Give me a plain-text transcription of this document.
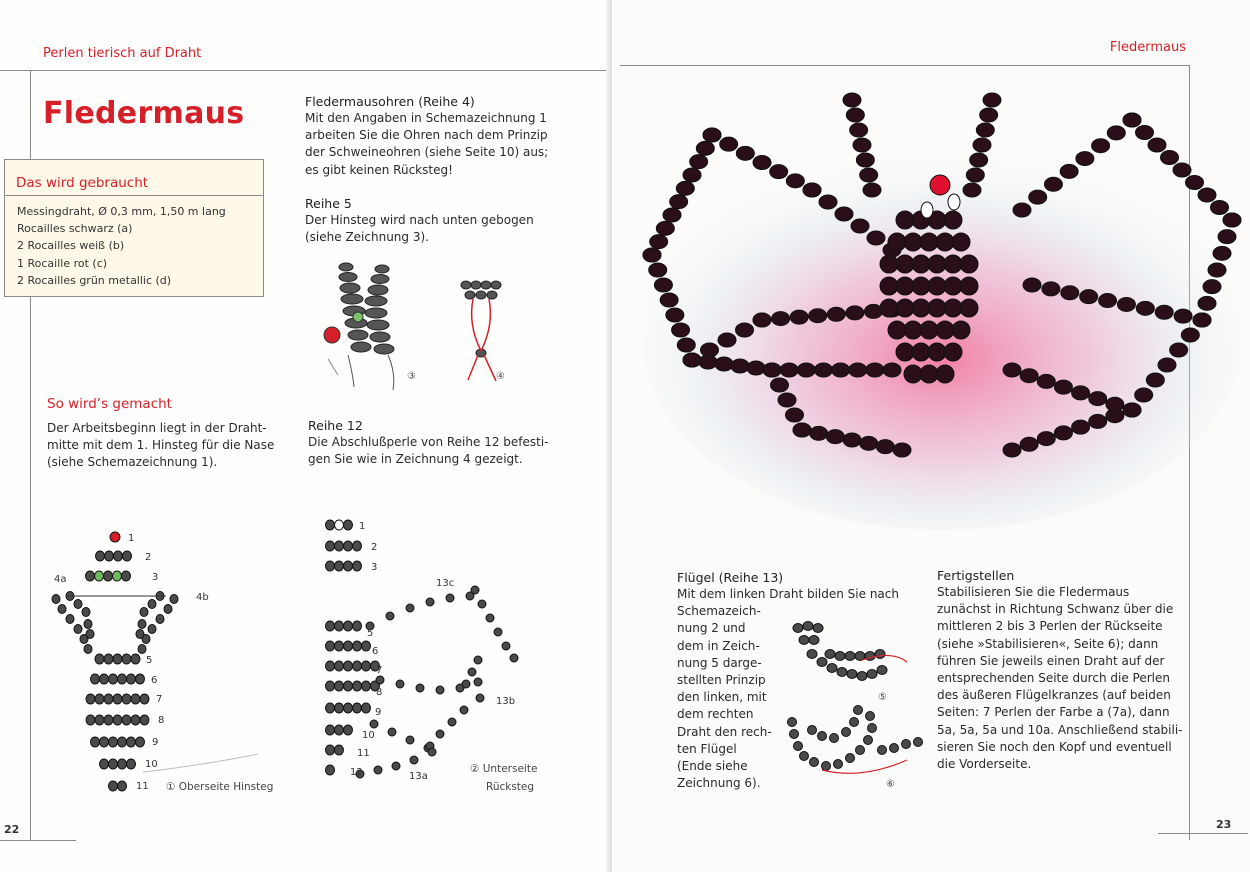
Perlen tierisch auf Draht
Fledermaus
Das wird gebraucht
Messingdraht, Ø 0,3 mm, 1,50 m lang
Rocailles schwarz (a)
2 Rocailles weiß (b)
1 Rocaille rot (c)
2 Rocailles grün metallic (d)
So wird’s gemacht
Der Arbeitsbeginn liegt in der Draht-
mitte mit dem 1. Hinsteg für die Nase
(siehe Schemazeichnung 1).
Fledermausohren (Reihe 4)
Mit den Angaben in Schemazeichnung 1
arbeiten Sie die Ohren nach dem Prinzip
der Schweineohren (siehe Seite 10) aus;
es gibt keinen Rücksteg!
Reihe 5
Der Hinsteg wird nach unten gebogen
(siehe Zeichnung 3).
③	④
Reihe 12
Die Abschlußperle von Reihe 12 befesti-
gen Sie wie in Zeichnung 4 gezeigt.
1
2
3
4a
4b
5
6
7
8
9
10
11 ① Oberseite Hinsteg
1
2
3
5
6
7
8
9
10
11
12	13a
13b
13c
② Unterseite
Rücksteg
22
Fledermaus
Flügel (Reihe 13)
Mit dem linken Draht bilden Sie nach
Schemazeich-
nung 2 und
dem in Zeich-
nung 5 darge-
stellten Prinzip
den linken, mit
dem rechten
Draht den rech-
ten Flügel
(Ende siehe
Zeichnung 6).
⑤
⑥
Fertigstellen
Stabilisieren Sie die Fledermaus
zunächst in Richtung Schwanz über die
mittleren 2 bis 3 Perlen der Rückseite
(siehe »Stabilisieren«, Seite 6); dann
führen Sie jeweils einen Draht auf der
entsprechenden Seite durch die Perlen
des äußeren Flügelkranzes (auf beiden
Seiten: 7 Perlen der Farbe a (7a), dann
5a, 5a, 5a und 10a. Anschließend stabili-
sieren Sie noch den Kopf und eventuell
die Vorderseite.
23
